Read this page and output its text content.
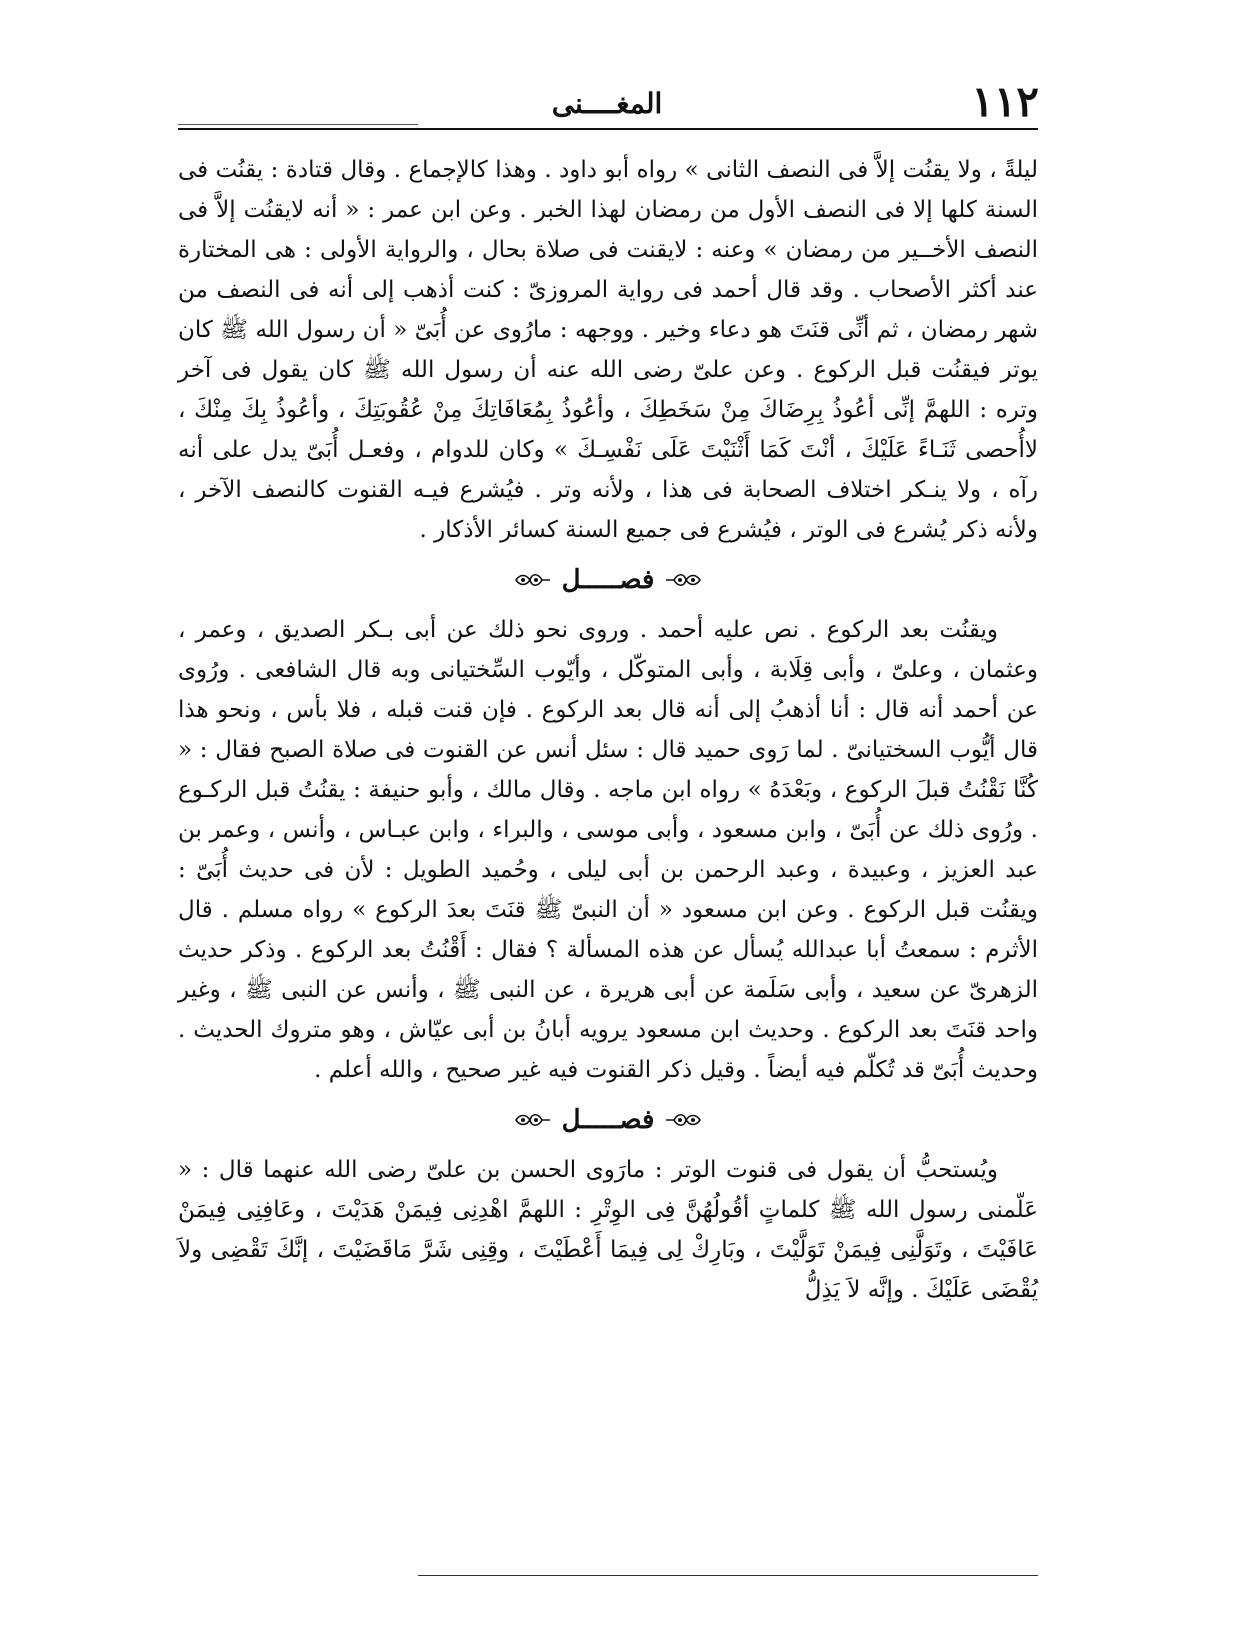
١١٢
المغــــنى

ليلةً ، ولا يقنُت إلاَّ فى النصف الثانى » رواه أبو داود . وهذا كالإجماع . وقال قتادة : يقنُت فى السنة كلها إلا فى النصف الأول من رمضان لهذا الخبر . وعن ابن عمر : « أنه لايقنُت إلاَّ فى النصف الأخــير من رمضان » وعنه : لايقنت فى صلاة بحال ، والرواية الأولى : هى المختارة عند أكثر الأصحاب . وقد قال أحمد فى رواية المروزىّ : كنت أذهب إلى أنه فى النصف من شهر رمضان ، ثم أنِّى قنَتَ هو دعاء وخير . ووجهه : مارُوى عن أُبَىّ « أن رسول الله ﷺ كان يوتر فيقنُت قبل الركوع . وعن علىّ رضى الله عنه أن رسول الله ﷺ كان يقول فى آخر وتره : اللهمَّ إنِّى أعُوذُ بِرِضَاكَ مِنْ سَخَطِكَ ، وأعُوذُ بِمُعَافَاتِكَ مِنْ عُقُوبَتِكَ ، وأعُوذُ بِكَ مِنْكَ ، لاأُحصى ثَنَـاءً عَلَيْكَ ، أنْتَ كَمَا أَثْنَيْتَ عَلَى نَفْسِـكَ » وكان للدوام ، وفعـل أُبَىّ يدل على أنه رآه ، ولا ينـكر اختلاف الصحابة فى هذا ، ولأنه وتر . فيُشرع فيـه القنوت كالنصف الآخر ، ولأنه ذكر يُشرع فى الوتر ، فيُشرع فى جميع السنة كسائر الأذكار .

فصـــــل

ويقنُت بعد الركوع . نص عليه أحمد . وروى نحو ذلك عن أبى بـكر الصديق ، وعمر ، وعثمان ، وعلىّ ، وأبى قِلَابة ، وأبى المتوكّل ، وأيّوب السِّختيانى وبه قال الشافعى . ورُوى عن أحمد أنه قال : أنا أذهبُ إلى أنه قال بعد الركوع . فإن قنت قبله ، فلا بأس ، ونحو هذا قال أيُّوب السختيانىّ . لما رَوى حميد قال : سئل أنس عن القنوت فى صلاة الصبح فقال : « كُنَّا نَقْنُتُ قبلَ الركوع ، وبَعْدَهُ » رواه ابن ماجه . وقال مالك ، وأبو حنيفة : يقنُتُ قبل الركـوع . ورُوى ذلك عن أُبَىّ ، وابن مسعود ، وأبى موسى ، والبراء ، وابن عبـاس ، وأنس ، وعمر بن عبد العزيز ، وعبيدة ، وعبد الرحمن بن أبى ليلى ، وحُميد الطويل : لأن فى حديث أُبَىّ : ويقنُت قبل الركوع . وعن ابن مسعود « أن النبىّ ﷺ قنَتَ بعدَ الركوع » رواه مسلم . قال الأثرم : سمعتُ أبا عبدالله يُسأل عن هذه المسألة ؟ فقال : أَقْنُتُ بعد الركوع . وذكر حديث الزهرىّ عن سعيد ، وأبى سَلَمة عن أبى هريرة ، عن النبى ﷺ ، وأنس عن النبى ﷺ ، وغير واحد قنَتَ بعد الركوع . وحديث ابن مسعود يرويه أبانُ بن أبى عيّاش ، وهو متروك الحديث . وحديث أُبَىّ قد تُكلّم فيه أيضاً . وقيل ذكر القنوت فيه غير صحيح ، والله أعلم .

فصـــــل

ويُستحبُّ أن يقول فى قنوت الوتر : مارَوى الحسن بن علىّ رضى الله عنهما قال : « عَلّمنى رسول الله ﷺ كلماتٍ أقُولُهُنَّ فِى الوِتْرِ : اللهمَّ اهْدِنِى فِيمَنْ هَدَيْتَ ، وعَافِنِى فِيمَنْ عَافَيْتَ ، وتَوَلَّنِى فِيمَنْ تَوَلَّيْتَ ، وبَارِكْ لِى فِيمَا أَعْطَيْتَ ، وقِنِى شَرَّ مَاقَضَيْتَ ، إنَّكَ تَقْضِى ولاَ يُقْضَى عَلَيْكَ . وإنَّه لاَ يَذِلُّ
